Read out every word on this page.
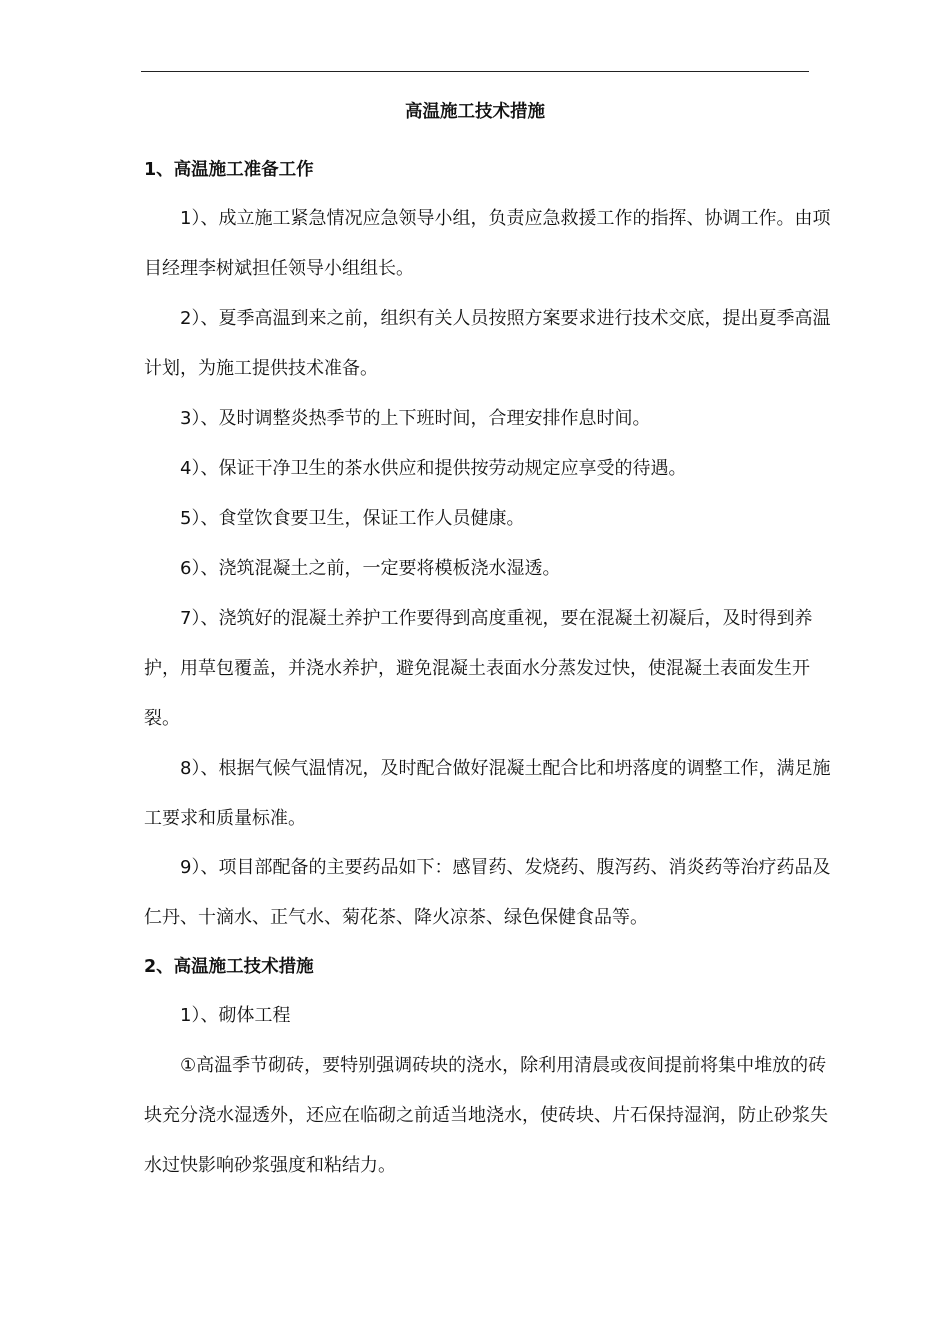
高温施工技术措施
1、高温施工准备工作

1）、成立施工紧急情况应急领导小组，负责应急救援工作的指挥、协调工作。由项目经理李树斌担任领导小组组长。

2）、夏季高温到来之前，组织有关人员按照方案要求进行技术交底，提出夏季高温计划，为施工提供技术准备。

3）、及时调整炎热季节的上下班时间，合理安排作息时间。

4）、保证干净卫生的茶水供应和提供按劳动规定应享受的待遇。

5）、食堂饮食要卫生，保证工作人员健康。

6）、浇筑混凝土之前，一定要将模板浇水湿透。

7）、浇筑好的混凝土养护工作要得到高度重视，要在混凝土初凝后，及时得到养护，用草包覆盖，并浇水养护，避免混凝土表面水分蒸发过快，使混凝土表面发生开裂。

8）、根据气候气温情况，及时配合做好混凝土配合比和坍落度的调整工作，满足施工要求和质量标准。

9）、项目部配备的主要药品如下：感冒药、发烧药、腹泻药、消炎药等治疗药品及仁丹、十滴水、正气水、菊花茶、降火凉茶、绿色保健食品等。

2、高温施工技术措施

1）、砌体工程

①高温季节砌砖，要特别强调砖块的浇水，除利用清晨或夜间提前将集中堆放的砖块充分浇水湿透外，还应在临砌之前适当地浇水，使砖块、片石保持湿润，防止砂浆失水过快影响砂浆强度和粘结力。
